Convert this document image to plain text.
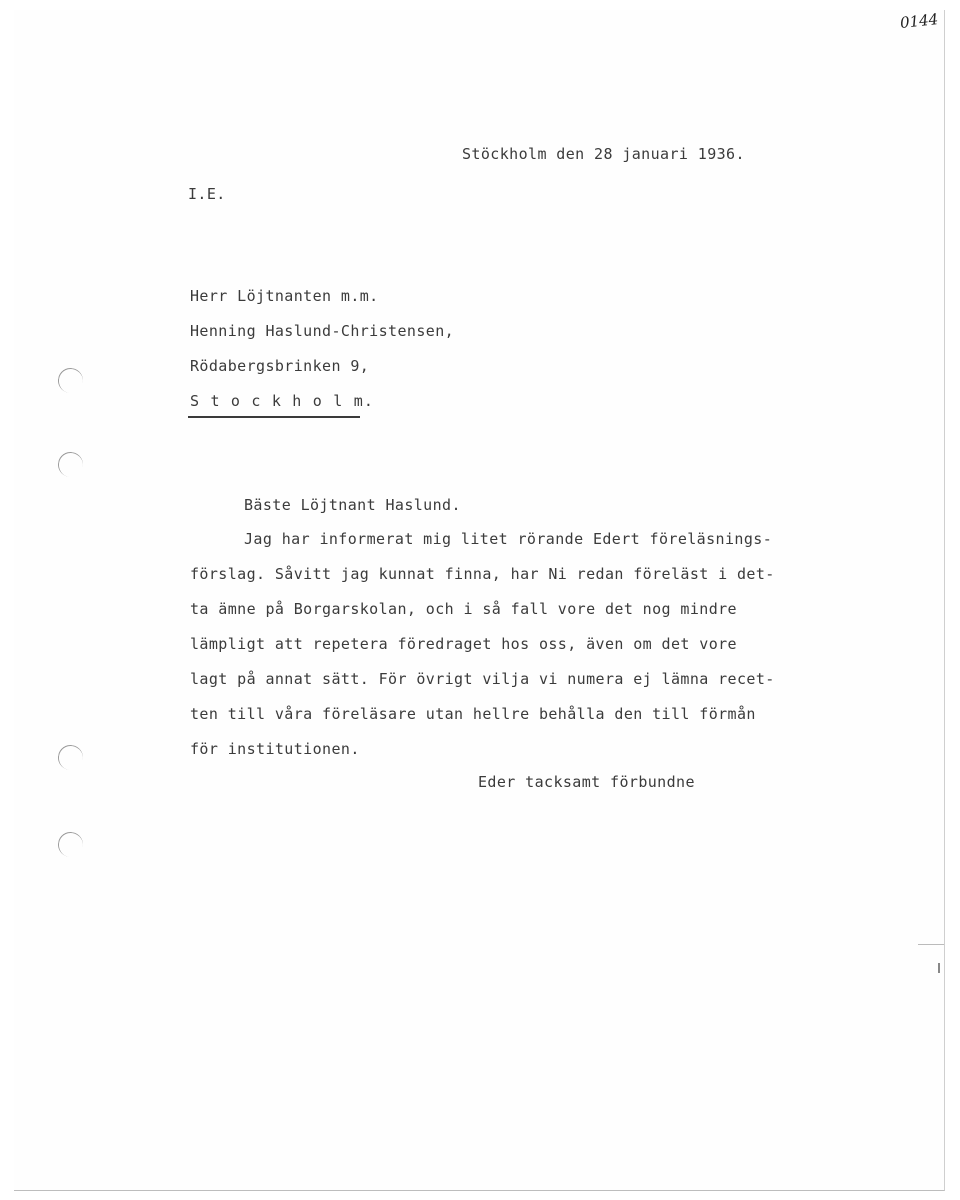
0144
Stöckholm den 28 januari 1936.
I.E.
Herr Löjtnanten m.m.
Henning Haslund-Christensen,
Rödabergsbrinken 9,
S t o c k h o l m.
Bäste Löjtnant Haslund.
Jag har informerat mig litet rörande Edert föreläsnings-
förslag. Såvitt jag kunnat finna, har Ni redan föreläst i det-
ta ämne på Borgarskolan, och i så fall vore det nog mindre
lämpligt att repetera föredraget hos oss, även om det vore
lagt på annat sätt. För övrigt vilja vi numera ej lämna recet-
ten till våra föreläsare utan hellre behålla den till förmån
för institutionen.
Eder tacksamt förbundne
